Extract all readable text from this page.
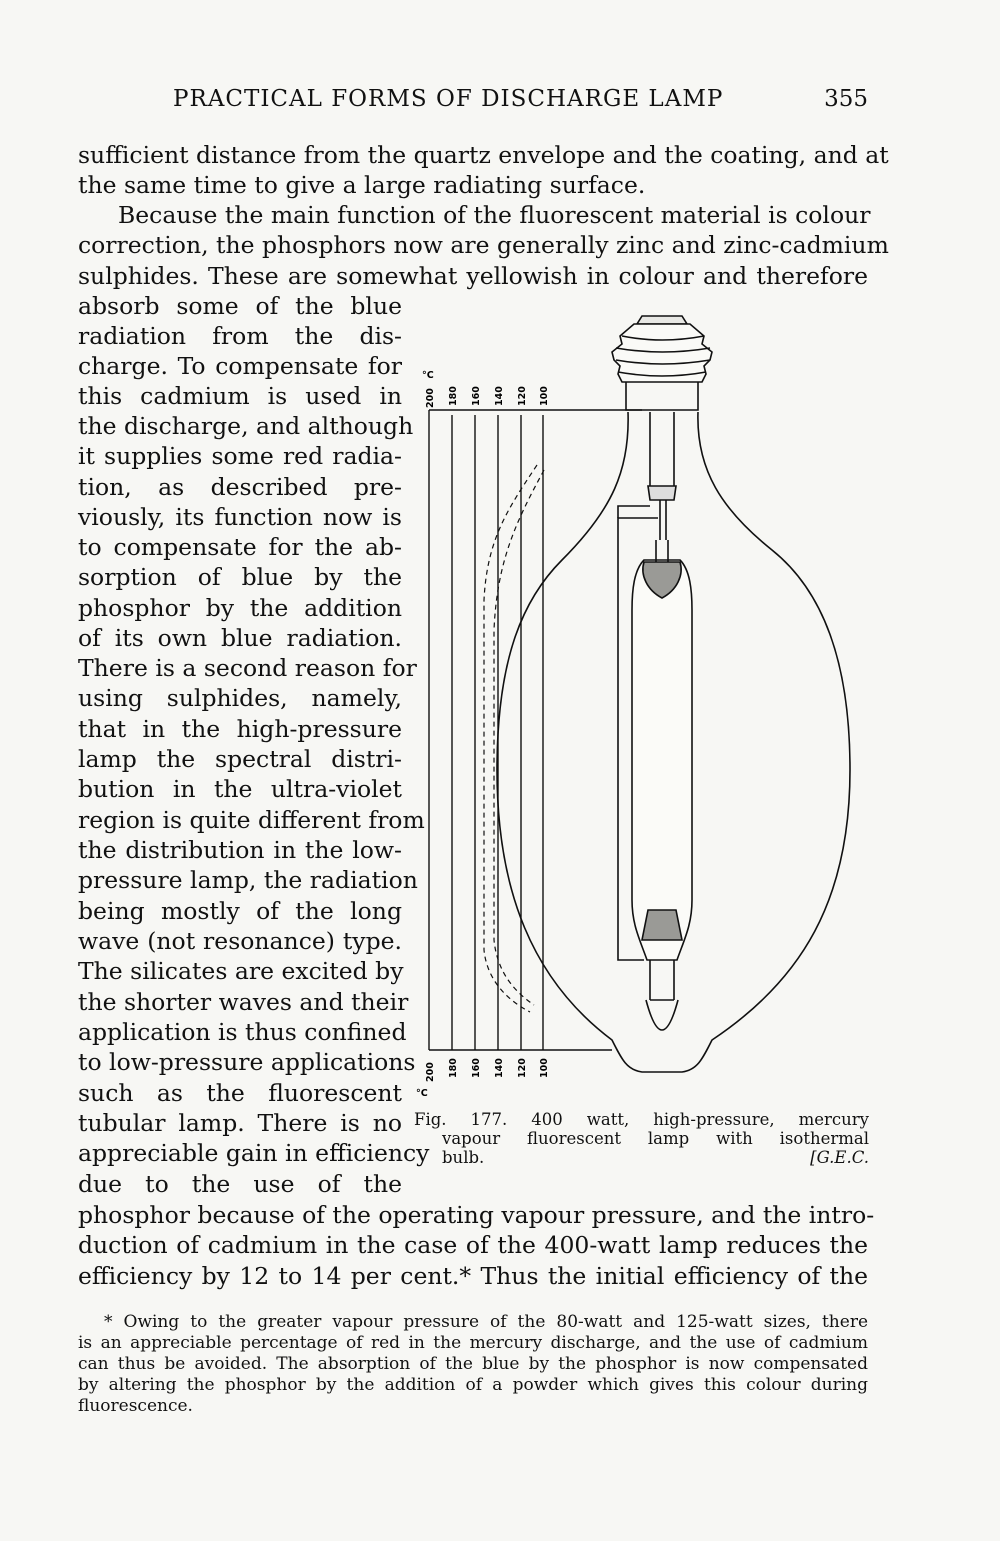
PRACTICAL FORMS OF DISCHARGE LAMP	355
sufficient distance from the quartz envelope and the coating, and at
the same time to give a large radiating surface.
Because the main function of the fluorescent material is colour
correction, the phosphors now are generally zinc and zinc-cadmium
sulphides. These are somewhat yellowish in colour and therefore
absorb some of the blue
radiation from the dis-
charge. To compensate for
this cadmium is used in
the discharge, and although
it supplies some red radia-
tion, as described pre-
viously, its function now is
to compensate for the ab-
sorption of blue by the
phosphor by the addition
of its own blue radiation.
There is a second reason for
using sulphides, namely,
that in the high-pressure
lamp the spectral distri-
bution in the ultra-violet
region is quite different from
the distribution in the low-
pressure lamp, the radiation
being mostly of the long
wave (not resonance) type.
The silicates are excited by
the shorter waves and their
application is thus confined
to low-pressure applications
such as the fluorescent
tubular lamp. There is no
appreciable gain in efficiency
due to the use of the
phosphor because of the operating vapour pressure, and the intro-
duction of cadmium in the case of the 400-watt lamp reduces the
efficiency by 12 to 14 per cent.* Thus the initial efficiency of the
°C
200 180 160 140 120 100
200 180 160 140 120 100
°C
Fig. 177. 400 watt, high-pressure, mercury
vapour fluorescent lamp with isothermal
bulb.	[G.E.C.
* Owing to the greater vapour pressure of the 80-watt and 125-watt sizes, there
is an appreciable percentage of red in the mercury discharge, and the use of cadmium
can thus be avoided. The absorption of the blue by the phosphor is now compensated
by altering the phosphor by the addition of a powder which gives this colour during
fluorescence.
